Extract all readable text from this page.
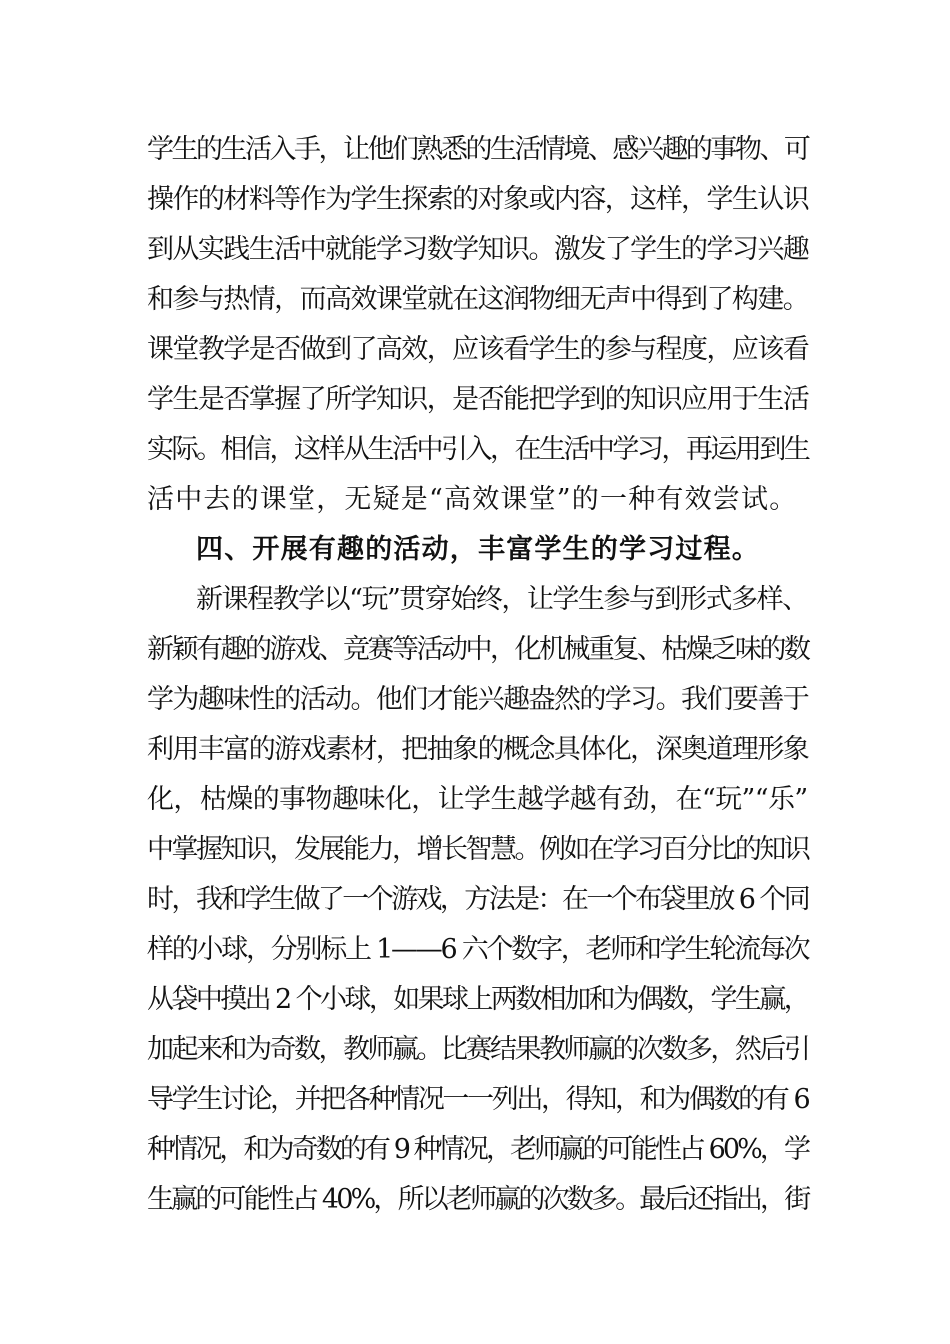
学生的生活入手，让他们熟悉的生活情境、感兴趣的事物、可
操作的材料等作为学生探索的对象或内容，这样，学生认识
到从实践生活中就能学习数学知识。激发了学生的学习兴趣
和参与热情，而高效课堂就在这润物细无声中得到了构建。
课堂教学是否做到了高效，应该看学生的参与程度，应该看
学生是否掌握了所学知识，是否能把学到的知识应用于生活
实际。相信，这样从生活中引入，在生活中学习，再运用到生
活中去的课堂，无疑是“高效课堂”的一种有效尝试。
四、开展有趣的活动，丰富学生的学习过程。
新课程教学以“玩”贯穿始终，让学生参与到形式多样、
新颖有趣的游戏、竞赛等活动中，化机械重复、枯燥乏味的数
学为趣味性的活动。他们才能兴趣盎然的学习。我们要善于
利用丰富的游戏素材，把抽象的概念具体化，深奥道理形象
化，枯燥的事物趣味化，让学生越学越有劲，在“玩”“乐”
中掌握知识，发展能力，增长智慧。例如在学习百分比的知识
时，我和学生做了一个游戏，方法是：在一个布袋里放 6 个同
样的小球，分别标上 1——6 六个数字，老师和学生轮流每次
从袋中摸出 2 个小球，如果球上两数相加和为偶数，学生赢，
加起来和为奇数，教师赢。比赛结果教师赢的次数多，然后引
导学生讨论，并把各种情况一一列出，得知，和为偶数的有 6
种情况，和为奇数的有 9 种情况，老师赢的可能性占 60%，学
生赢的可能性占 40%，所以老师赢的次数多。最后还指出，街
